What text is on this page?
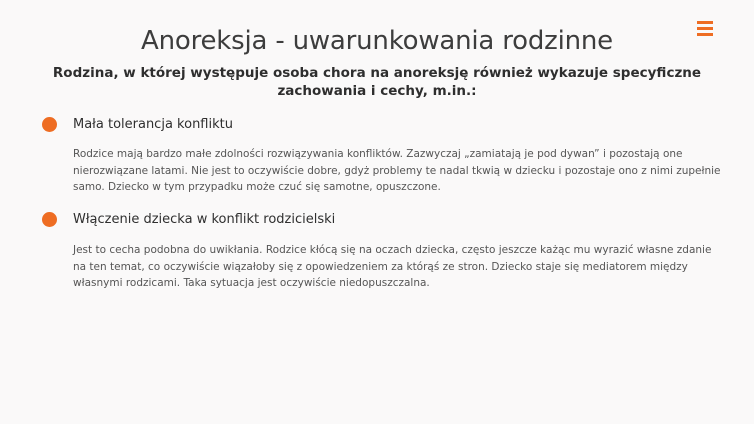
Anoreksja - uwarunkowania rodzinne

Rodzina, w której występuje osoba chora na anoreksję również wykazuje specyficzne zachowania i cechy, m.in.:

Mała tolerancja konfliktu

Rodzice mają bardzo małe zdolności rozwiązywania konfliktów. Zazwyczaj „zamiatają je pod dywan” i pozostają one nierozwiązane latami. Nie jest to oczywiście dobre, gdyż problemy te nadal tkwią w dziecku i pozostaje ono z nimi zupełnie samo. Dziecko w tym przypadku może czuć się samotne, opuszczone.

Włączenie dziecka w konflikt rodzicielski

Jest to cecha podobna do uwikłania. Rodzice kłócą się na oczach dziecka, często jeszcze każąc mu wyrazić własne zdanie na ten temat, co oczywiście wiązałoby się z opowiedzeniem za którąś ze stron. Dziecko staje się mediatorem między własnymi rodzicami. Taka sytuacja jest oczywiście niedopuszczalna.
